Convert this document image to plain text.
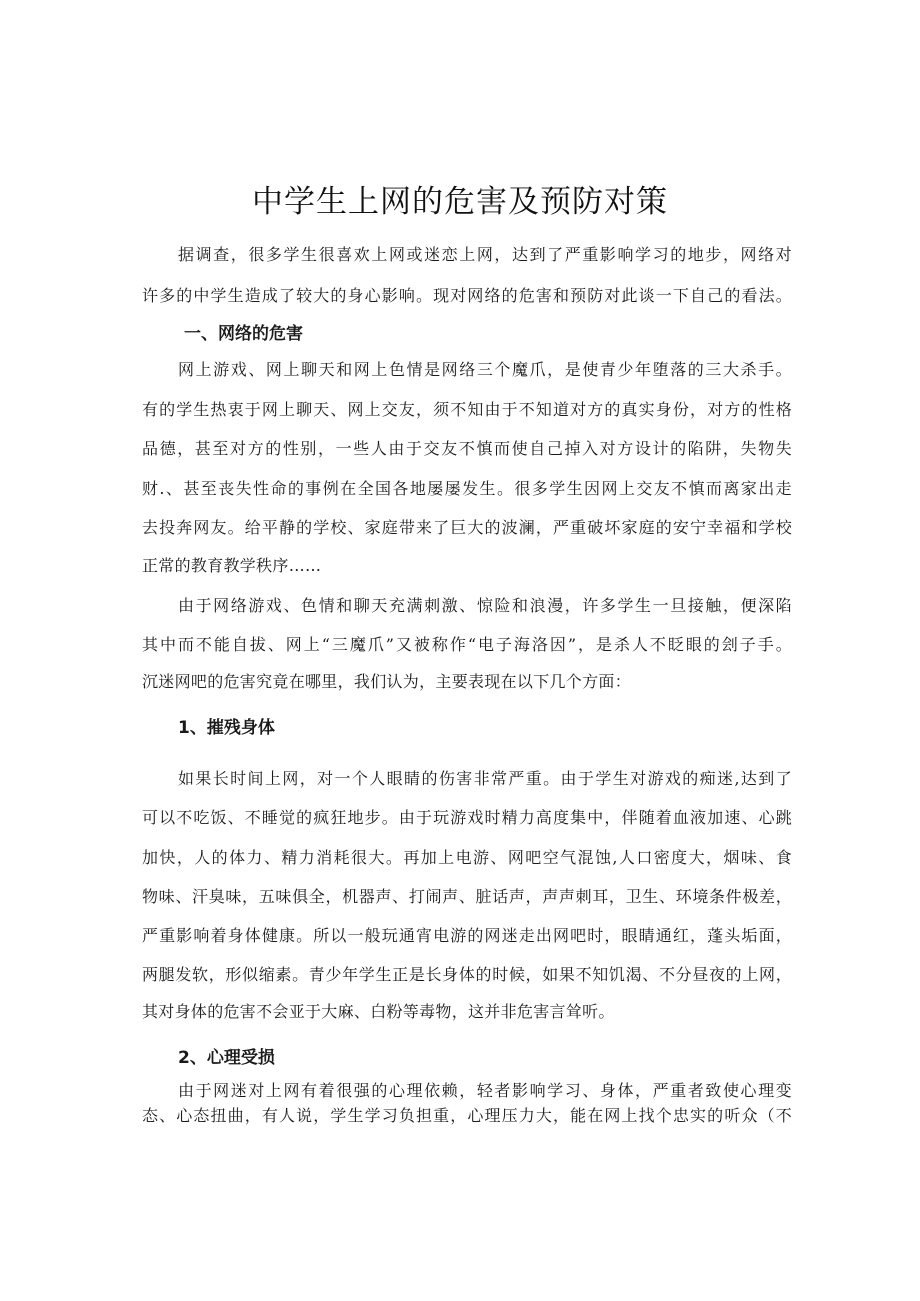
中学生上网的危害及预防对策

据调查，很多学生很喜欢上网或迷恋上网，达到了严重影响学习的地步，网络对

许多的中学生造成了较大的身心影响。现对网络的危害和预防对此谈一下自己的看法。

一、网络的危害

网上游戏、网上聊天和网上色情是网络三个魔爪，是使青少年堕落的三大杀手。

有的学生热衷于网上聊天、网上交友，须不知由于不知道对方的真实身份，对方的性格

品德，甚至对方的性别，一些人由于交友不慎而使自己掉入对方设计的陷阱，失物失

财.、甚至丧失性命的事例在全国各地屡屡发生。很多学生因网上交友不慎而离家出走

去投奔网友。给平静的学校、家庭带来了巨大的波澜，严重破坏家庭的安宁幸福和学校

正常的教育教学秩序……

由于网络游戏、色情和聊天充满刺激、惊险和浪漫，许多学生一旦接触，便深陷

其中而不能自拔、网上“三魔爪”又被称作“电子海洛因”，是杀人不眨眼的刽子手。

沉迷网吧的危害究竟在哪里，我们认为，主要表现在以下几个方面：

1、摧残身体

如果长时间上网，对一个人眼睛的伤害非常严重。由于学生对游戏的痴迷,达到了

可以不吃饭、不睡觉的疯狂地步。由于玩游戏时精力高度集中，伴随着血液加速、心跳

加快，人的体力、精力消耗很大。再加上电游、网吧空气混蚀,人口密度大，烟味、食

物味、汗臭味，五味俱全，机器声、打闹声、脏话声，声声刺耳，卫生、环境条件极差，

严重影响着身体健康。所以一般玩通宵电游的网迷走出网吧时，眼睛通红，蓬头垢面，

两腿发软，形似缩素。青少年学生正是长身体的时候，如果不知饥渴、不分昼夜的上网，

其对身体的危害不会亚于大麻、白粉等毒物，这并非危害言耸听。

2、心理受损

由于网迷对上网有着很强的心理依赖，轻者影响学习、身体，严重者致使心理变

态、心态扭曲，有人说，学生学习负担重，心理压力大，能在网上找个忠实的听众（不
